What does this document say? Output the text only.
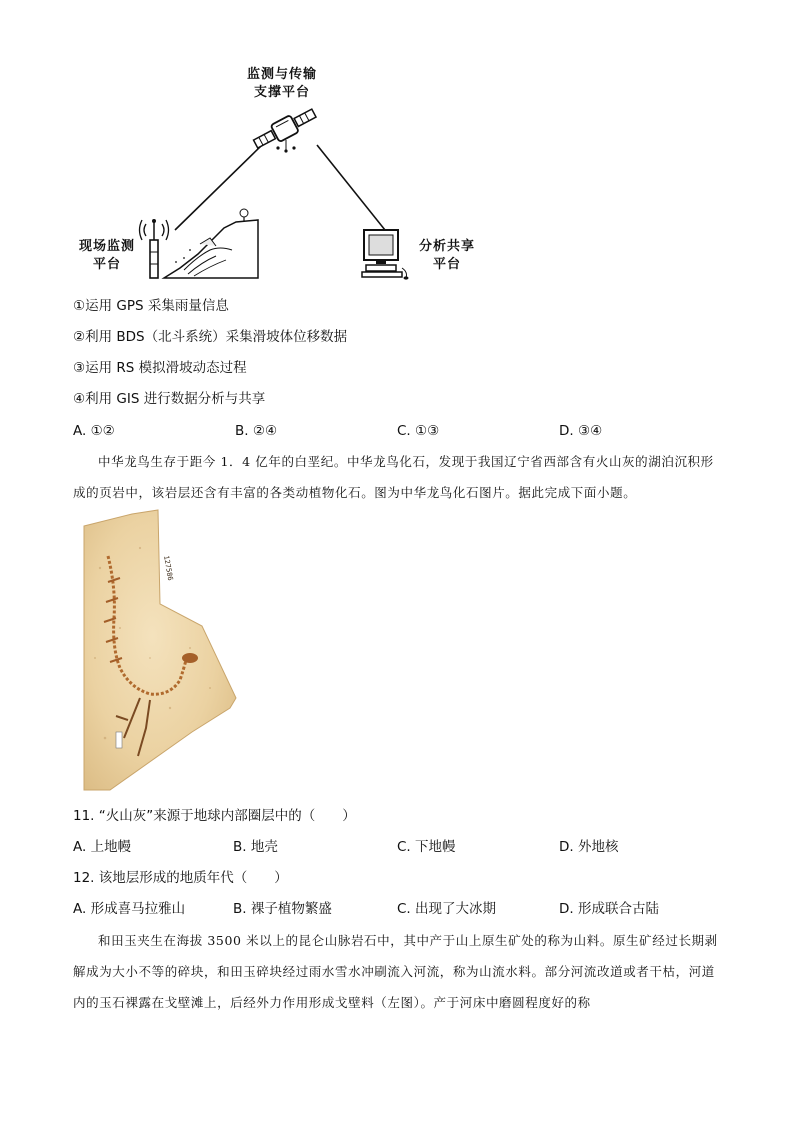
监测与传输
支撑平台
现场监测
平台
分析共享
平台
①运用 GPS 采集雨量信息
②利用 BDS（北斗系统）采集滑坡体位移数据
③运用 RS 模拟滑坡动态过程
④利用 GIS 进行数据分析与共享
A. ①②	B. ②④	C. ①③	D. ③④
中华龙鸟生存于距今 1．4 亿年的白垩纪。中华龙鸟化石，发现于我国辽宁省西部含有火山灰的湖泊沉积形成的页岩中，该岩层还含有丰富的各类动植物化石。图为中华龙鸟化石图片。据此完成下面小题。
127586
11. “火山灰”来源于地球内部圈层中的（　　）
A. 上地幔	B. 地壳	C. 下地幔	D. 外地核
12. 该地层形成的地质年代（　　）
A. 形成喜马拉雅山	B. 裸子植物繁盛	C. 出现了大冰期	D. 形成联合古陆
和田玉夹生在海拔 3500 米以上的昆仑山脉岩石中，其中产于山上原生矿处的称为山料。原生矿经过长期剥解成为大小不等的碎块，和田玉碎块经过雨水雪水冲刷流入河流，称为山流水料。部分河流改道或者干枯，河道内的玉石裸露在戈壁滩上，后经外力作用形成戈壁料（左图）。产于河床中磨圆程度好的称
